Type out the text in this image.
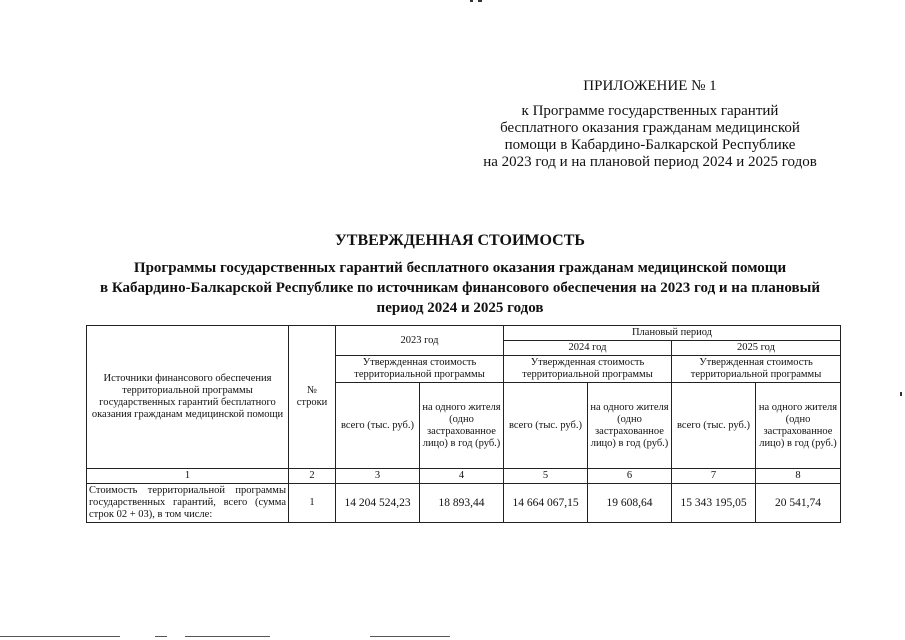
ПРИЛОЖЕНИЕ № 1
к Программе государственных гарантий
бесплатного оказания гражданам медицинской
помощи в Кабардино-Балкарской Республике
на 2023 год и на плановой период 2024 и 2025 годов
УТВЕРЖДЕННАЯ СТОИМОСТЬ
Программы государственных гарантий бесплатного оказания гражданам медицинской помощи
в Кабардино-Балкарской Республике по источникам финансового обеспечения на 2023 год и на плановый
период 2024 и 2025 годов
Источники финансового обеспечения территориальной программы государственных гарантий бесплатного оказания гражданам медицинской помощи	№ строки	2023 год		Плановый период			
				2024 год		2025 год	
		Утвержденная стоимость территориальной программы		Утвержденная стоимость территориальной программы		Утвержденная стоимость территориальной программы	
		всего (тыс. руб.)	на одного жителя (одно застрахованное лицо) в год (руб.)	всего (тыс. руб.)	на одного жителя (одно застрахованное лицо) в год (руб.)	всего (тыс. руб.)	на одного жителя (одно застрахованное лицо) в год (руб.)
1	2	3	4	5	6	7	8
Стоимость территориальной программы государственных гарантий, всего (сумма строк 02 + 03), в том числе:	1	14 204 524,23	18 893,44	14 664 067,15	19 608,64	15 343 195,05	20 541,74
